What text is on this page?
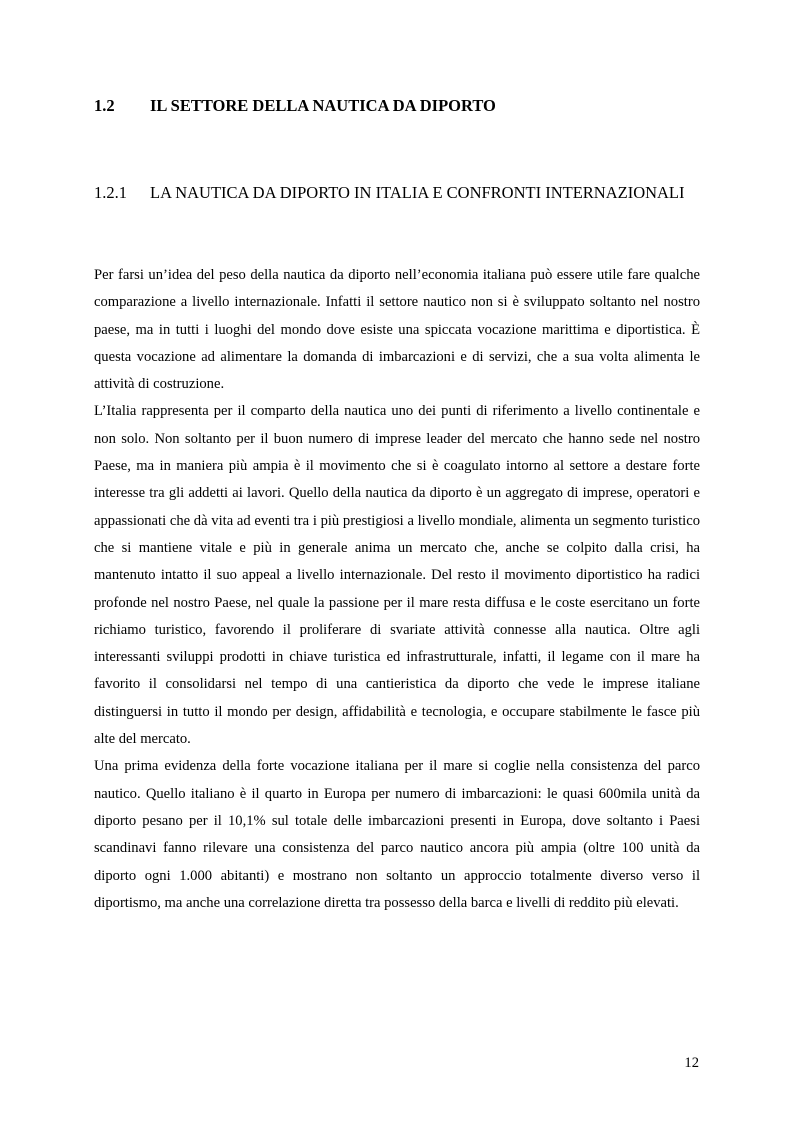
1.2	IL SETTORE DELLA NAUTICA DA DIPORTO
1.2.1	LA NAUTICA DA DIPORTO IN ITALIA E CONFRONTI INTERNAZIONALI

Per farsi un’idea del peso della nautica da diporto nell’economia italiana può essere utile fare qualche comparazione a livello internazionale. Infatti il settore nautico non si è sviluppato soltanto nel nostro paese, ma in tutti i luoghi del mondo dove esiste una spiccata vocazione marittima e diportistica. È questa vocazione ad alimentare la domanda di imbarcazioni e di servizi, che a sua volta alimenta le attività di costruzione.

L’Italia rappresenta per il comparto della nautica uno dei punti di riferimento a livello continentale e non solo. Non soltanto per il buon numero di imprese leader del mercato che hanno sede nel nostro Paese, ma in maniera più ampia è il movimento che si è coagulato intorno al settore a destare forte interesse tra gli addetti ai lavori. Quello della nautica da diporto è un aggregato di imprese, operatori e appassionati che dà vita ad eventi tra i più prestigiosi a livello mondiale, alimenta un segmento turistico che si mantiene vitale e più in generale anima un mercato che, anche se colpito dalla crisi, ha mantenuto intatto il suo appeal a livello internazionale. Del resto il movimento diportistico ha radici profonde nel nostro Paese, nel quale la passione per il mare resta diffusa e le coste esercitano un forte richiamo turistico, favorendo il proliferare di svariate attività connesse alla nautica. Oltre agli interessanti sviluppi prodotti in chiave turistica ed infrastrutturale, infatti, il legame con il mare ha favorito il consolidarsi nel tempo di una cantieristica da diporto che vede le imprese italiane distinguersi in tutto il mondo per design, affidabilità e tecnologia, e occupare stabilmente le fasce più alte del mercato.

Una prima evidenza della forte vocazione italiana per il mare si coglie nella consistenza del parco nautico. Quello italiano è il quarto in Europa per numero di imbarcazioni: le quasi 600mila unità da diporto pesano per il 10,1% sul totale delle imbarcazioni presenti in Europa, dove soltanto i Paesi scandinavi fanno rilevare una consistenza del parco nautico ancora più ampia (oltre 100 unità da diporto ogni 1.000 abitanti) e mostrano non soltanto un approccio totalmente diverso verso il diportismo, ma anche una correlazione diretta tra possesso della barca e livelli di reddito più elevati.

12
